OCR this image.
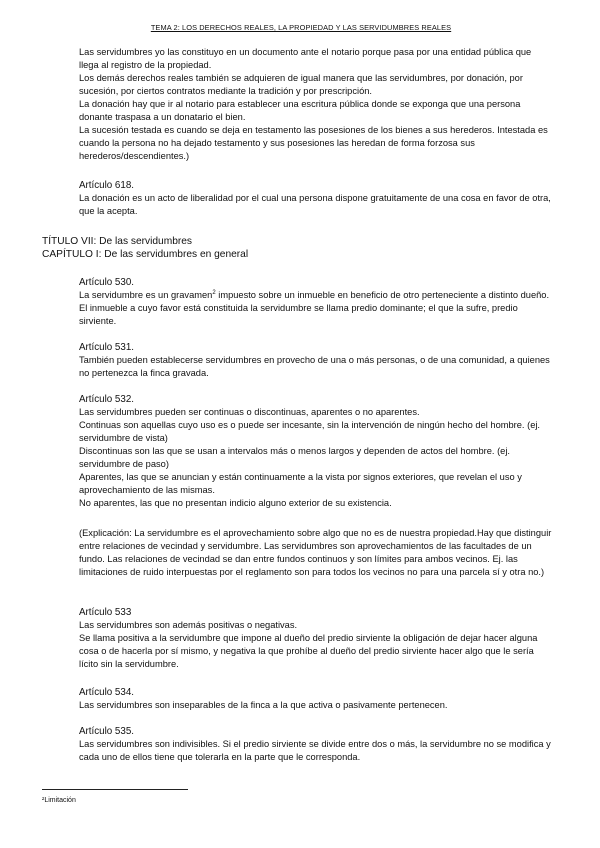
TEMA 2: LOS DERECHOS REALES, LA PROPIEDAD Y LAS SERVIDUMBRES REALES

Las servidumbres yo las constituyo en un documento ante el notario porque pasa por una entidad pública que llega al registro de la propiedad.

Los demás derechos reales también se adquieren de igual manera que las servidumbres, por donación, por sucesión, por ciertos contratos mediante la tradición y por prescripción.

La donación hay que ir al notario para establecer una escritura pública donde se exponga que una persona donante traspasa a un donatario el bien.

La sucesión testada es cuando se deja en testamento las posesiones de los bienes a sus herederos. Intestada es cuando la persona no ha dejado testamento y sus posesiones las heredan de forma forzosa sus herederos/descendientes.)

Artículo 618.

La donación es un acto de liberalidad por el cual una persona dispone gratuitamente de una cosa en favor de otra, que la acepta.

TÍTULO VII: De las servidumbres
CAPÍTULO I: De las servidumbres en general

Artículo 530.

La servidumbre es un gravamen$^2$ impuesto sobre un inmueble en beneficio de otro perteneciente a distinto dueño. El inmueble a cuyo favor está constituida la servidumbre se llama predio dominante; el que la sufre, predio sirviente.

Artículo 531.

También pueden establecerse servidumbres en provecho de una o más personas, o de una comunidad, a quienes no pertenezca la finca gravada.

Artículo 532.

Las servidumbres pueden ser continuas o discontinuas, aparentes o no aparentes.

Continuas son aquellas cuyo uso es o puede ser incesante, sin la intervención de ningún hecho del hombre. (ej. servidumbre de vista)

Discontinuas son las que se usan a intervalos más o menos largos y dependen de actos del hombre. (ej. servidumbre de paso)

Aparentes, las que se anuncian y están continuamente a la vista por signos exteriores, que revelan el uso y aprovechamiento de las mismas.

No aparentes, las que no presentan indicio alguno exterior de su existencia.

(Explicación: La servidumbre es el aprovechamiento sobre algo que no es de nuestra propiedad.Hay que distinguir entre relaciones de vecindad y servidumbre. Las servidumbres son aprovechamientos de las facultades de un fundo. Las relaciones de vecindad se dan entre fundos continuos y son límites para ambos vecinos. Ej. las limitaciones de ruido interpuestas por el reglamento son para todos los vecinos no para una parcela sí y otra no.)

Artículo 533

Las servidumbres son además positivas o negativas.

Se llama positiva a la servidumbre que impone al dueño del predio sirviente la obligación de dejar hacer alguna cosa o de hacerla por sí mismo, y negativa la que prohíbe al dueño del predio sirviente hacer algo que le sería lícito sin la servidumbre.

Artículo 534.

Las servidumbres son inseparables de la finca a la que activa o pasivamente pertenecen.

Artículo 535.

Las servidumbres son indivisibles. Si el predio sirviente se divide entre dos o más, la servidumbre no se modifica y cada uno de ellos tiene que tolerarla en la parte que le corresponda.

²Limitación
